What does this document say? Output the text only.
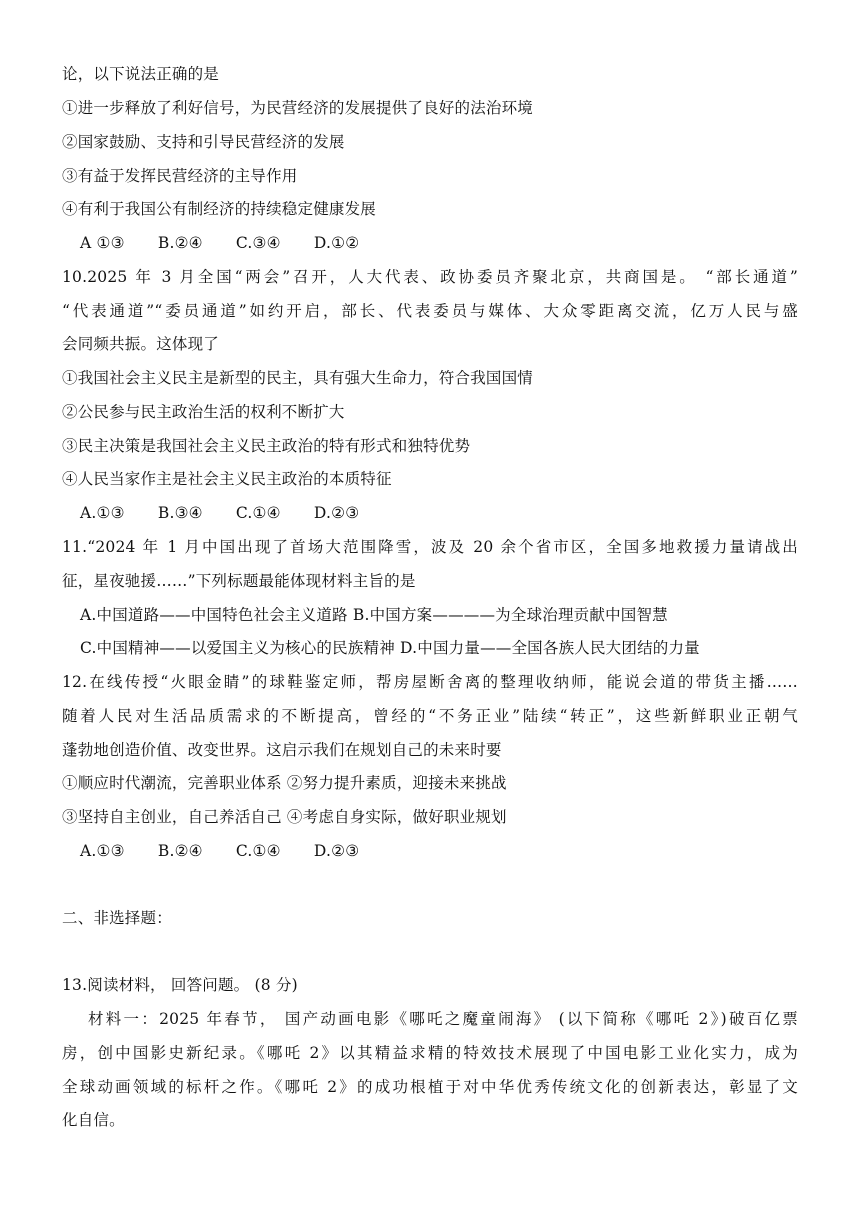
论，以下说法正确的是
①进一步释放了利好信号，为民营经济的发展提供了良好的法治环境
②国家鼓励、支持和引导民营经济的发展
③有益于发挥民营经济的主导作用
④有利于我国公有制经济的持续稳定健康发展
A ①③ B.②④ C.③④ D.①②
10.2025 年 3 月全国“两会”召开，人大代表、政协委员齐聚北京，共商国是。 “部长通道”
“代表通道”“委员通道”如约开启，部长、代表委员与媒体、大众零距离交流，亿万人民与盛
会同频共振。这体现了
①我国社会主义民主是新型的民主，具有强大生命力，符合我国国情
②公民参与民主政治生活的权利不断扩大
③民主决策是我国社会主义民主政治的特有形式和独特优势
④人民当家作主是社会主义民主政治的本质特征
A.①③ B.③④ C.①④ D.②③
11.“2024 年 1 月中国出现了首场大范围降雪，波及 20 余个省市区，全国多地救援力量请战出
征，星夜驰援……”下列标题最能体现材料主旨的是
A.中国道路——中国特色社会主义道路 B.中国方案————为全球治理贡献中国智慧
C.中国精神——以爱国主义为核心的民族精神 D.中国力量——全国各族人民大团结的力量
12.在线传授“火眼金睛”的球鞋鉴定师，帮房屋断舍离的整理收纳师，能说会道的带货主播……
随着人民对生活品质需求的不断提高，曾经的“不务正业”陆续“转正”，这些新鲜职业正朝气
蓬勃地创造价值、改变世界。这启示我们在规划自己的未来时要
①顺应时代潮流，完善职业体系 ②努力提升素质，迎接未来挑战
③坚持自主创业，自己养活自己 ④考虑自身实际，做好职业规划
A.①③ B.②④ C.①④ D.②③
二、非选择题：
13.阅读材料， 回答问题。 (8 分)
材料一：2025 年春节， 国产动画电影《哪吒之魔童闹海》 (以下简称《哪吒 2》)破百亿票
房，创中国影史新纪录。《哪吒 2》以其精益求精的特效技术展现了中国电影工业化实力，成为
全球动画领域的标杆之作。《哪吒 2》的成功根植于对中华优秀传统文化的创新表达，彰显了文
化自信。
